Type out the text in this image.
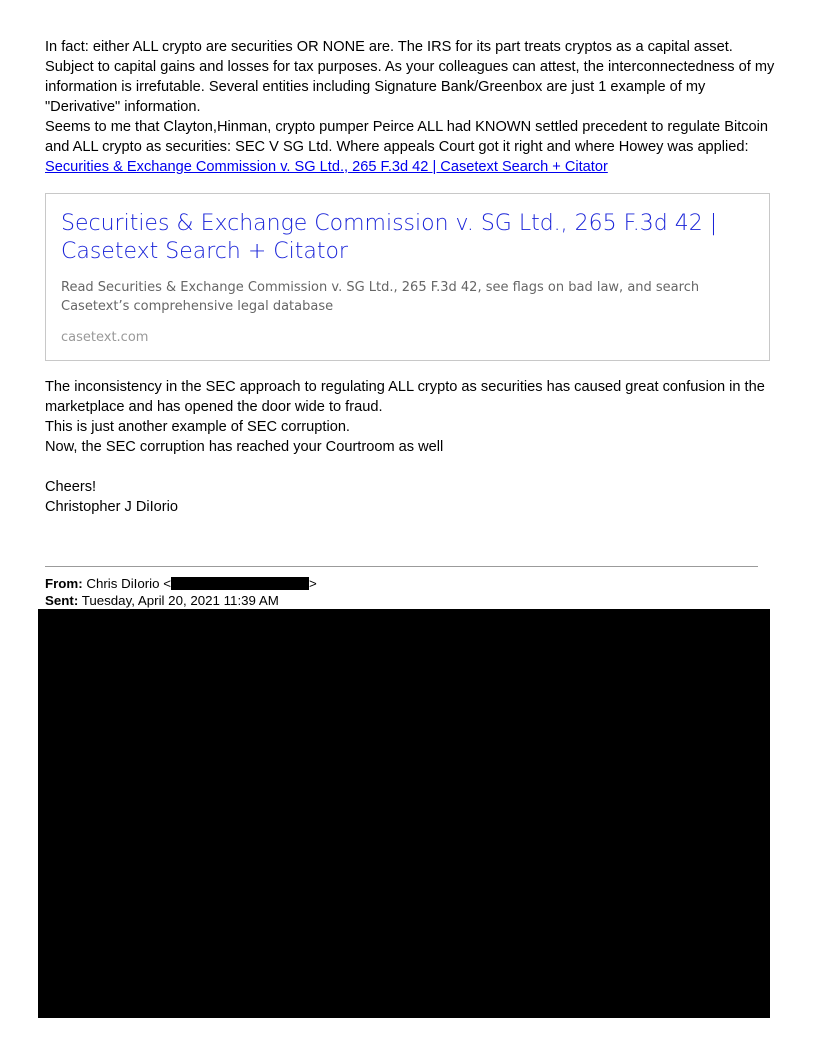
In fact: either ALL crypto are securities OR NONE are. The IRS for its part treats cryptos as a capital asset.
Subject to capital gains and losses for tax purposes. As your colleagues can attest, the interconnectedness of my information is irrefutable. Several entities including Signature Bank/Greenbox are just 1 example of my "Derivative" information.
Seems to me that Clayton,Hinman, crypto pumper Peirce ALL had KNOWN settled precedent to regulate Bitcoin and ALL crypto as securities: SEC V SG Ltd. Where appeals Court got it right and where Howey was applied:
Securities & Exchange Commission v. SG Ltd., 265 F.3d 42 | Casetext Search + Citator
Securities & Exchange Commission v. SG Ltd., 265 F.3d 42 | Casetext Search + Citator
Read Securities & Exchange Commission v. SG Ltd., 265 F.3d 42, see flags on bad law, and search Casetext’s comprehensive legal database
casetext.com
The inconsistency in the SEC approach to regulating ALL crypto as securities has caused great confusion in the marketplace and has opened the door wide to fraud.
This is just another example of SEC corruption.
Now, the SEC corruption has reached your Courtroom as well
Cheers!
Christopher J DiIorio
From: Chris DiIorio <	>
Sent: Tuesday, April 20, 2021 11:39 AM
